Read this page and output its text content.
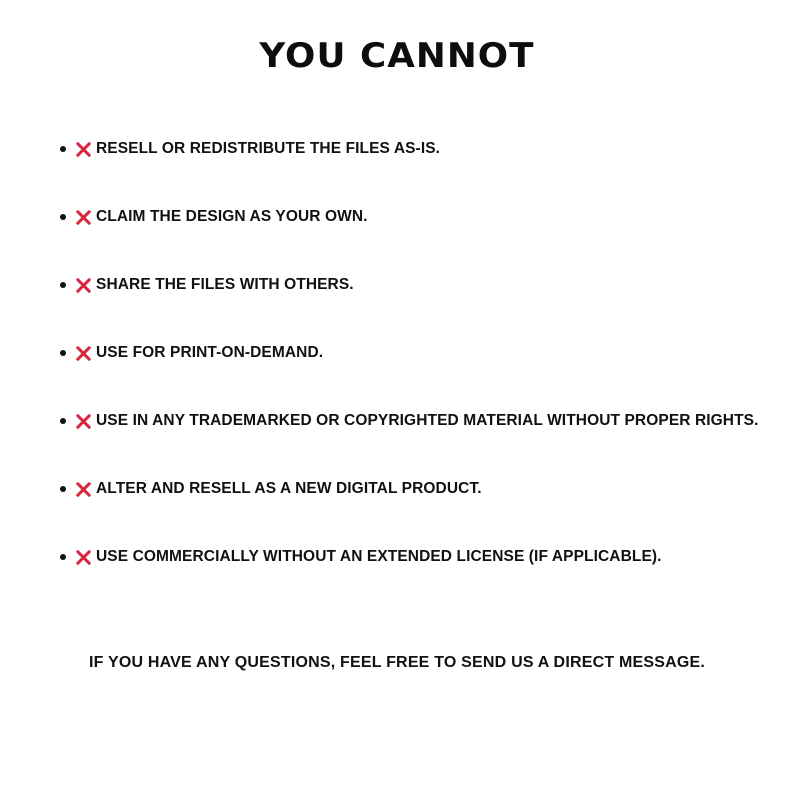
YOU CANNOT
RESELL OR REDISTRIBUTE THE FILES AS-IS.
CLAIM THE DESIGN AS YOUR OWN.
SHARE THE FILES WITH OTHERS.
USE FOR PRINT-ON-DEMAND.
USE IN ANY TRADEMARKED OR COPYRIGHTED MATERIAL WITHOUT PROPER RIGHTS.
ALTER AND RESELL AS A NEW DIGITAL PRODUCT.
USE COMMERCIALLY WITHOUT AN EXTENDED LICENSE (IF APPLICABLE).

IF YOU HAVE ANY QUESTIONS, FEEL FREE TO SEND US A DIRECT MESSAGE.
